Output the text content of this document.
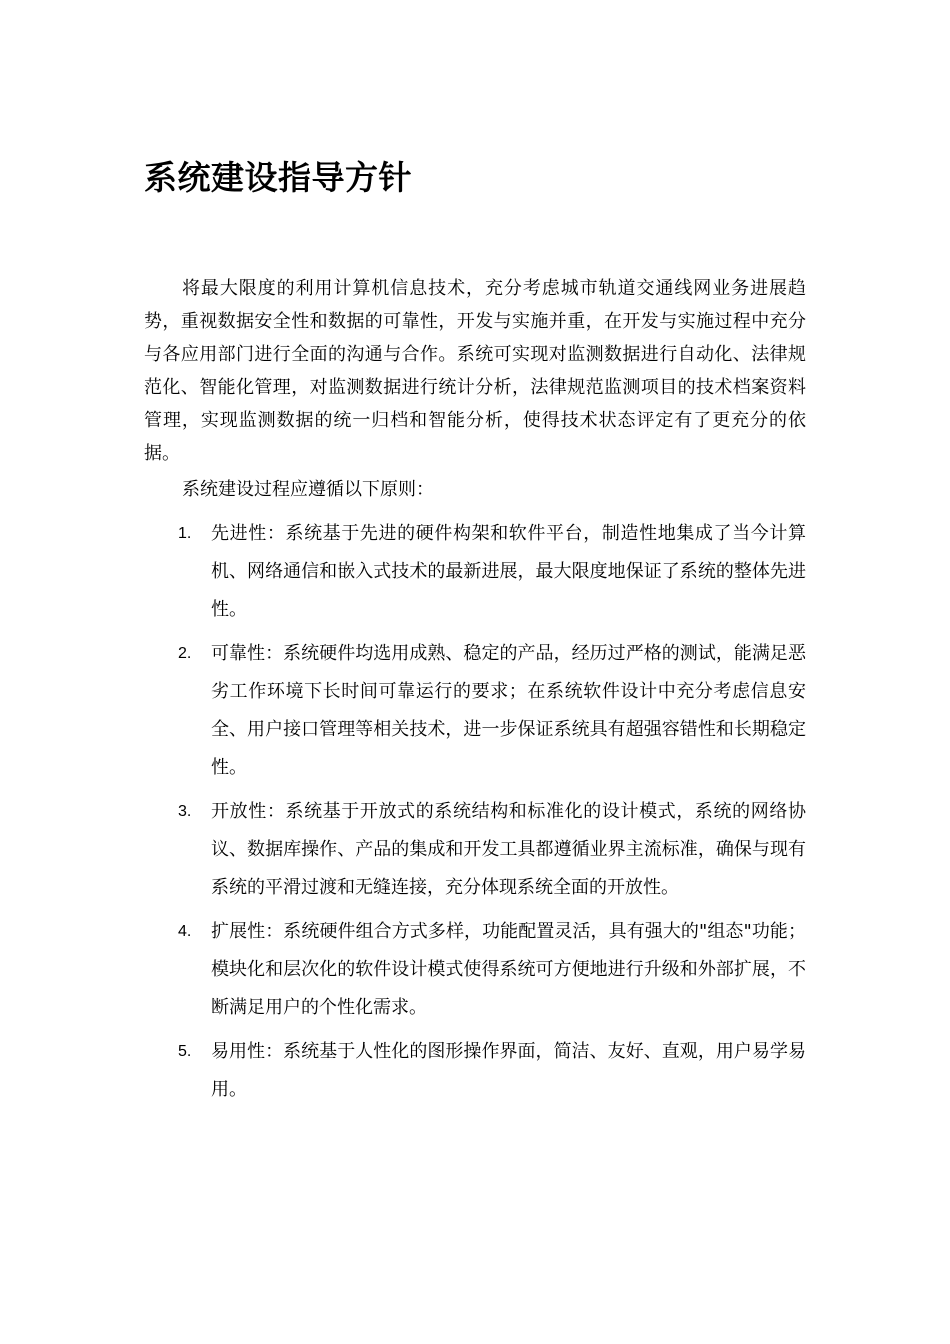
系统建设指导方针

将最大限度的利用计算机信息技术，充分考虑城市轨道交通线网业务进展趋势，重视数据安全性和数据的可靠性，开发与实施并重，在开发与实施过程中充分与各应用部门进行全面的沟通与合作。系统可实现对监测数据进行自动化、法律规范化、智能化管理，对监测数据进行统计分析，法律规范监测项目的技术档案资料管理，实现监测数据的统一归档和智能分析，使得技术状态评定有了更充分的依据。

系统建设过程应遵循以下原则：

1. 先进性：系统基于先进的硬件构架和软件平台，制造性地集成了当今计算机、网络通信和嵌入式技术的最新进展，最大限度地保证了系统的整体先进性。
2. 可靠性：系统硬件均选用成熟、稳定的产品，经历过严格的测试，能满足恶劣工作环境下长时间可靠运行的要求；在系统软件设计中充分考虑信息安全、用户接口管理等相关技术，进一步保证系统具有超强容错性和长期稳定性。
3. 开放性：系统基于开放式的系统结构和标准化的设计模式，系统的网络协议、数据库操作、产品的集成和开发工具都遵循业界主流标准，确保与现有系统的平滑过渡和无缝连接，充分体现系统全面的开放性。
4. 扩展性：系统硬件组合方式多样，功能配置灵活，具有强大的"组态"功能；模块化和层次化的软件设计模式使得系统可方便地进行升级和外部扩展，不断满足用户的个性化需求。
5. 易用性：系统基于人性化的图形操作界面，简洁、友好、直观，用户易学易用。
